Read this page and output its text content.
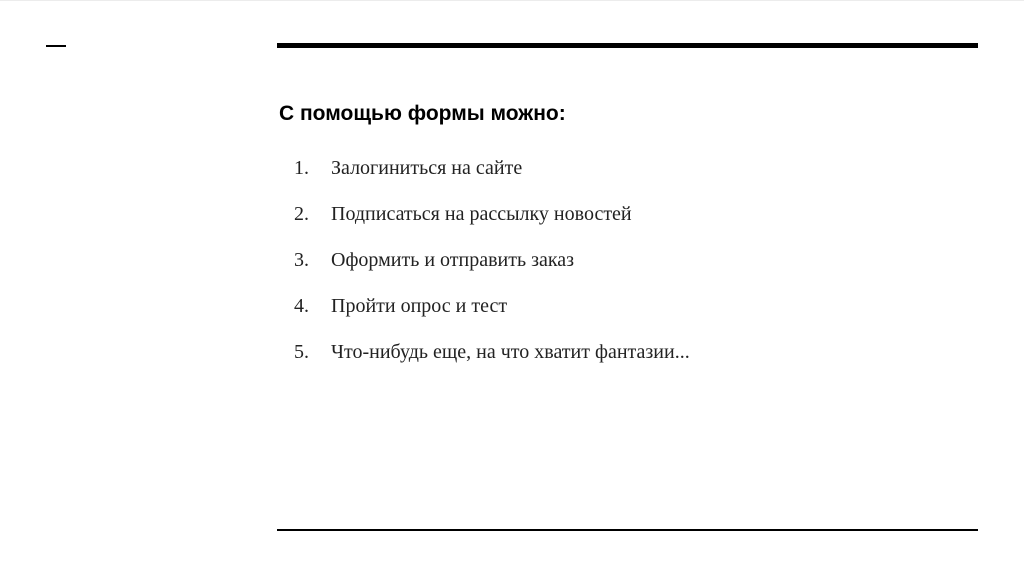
С помощью формы можно:
1.	Залогиниться на сайте
2.	Подписаться на рассылку новостей
3.	Оформить и отправить заказ
4.	Пройти опрос и тест
5.	Что-нибудь еще, на что хватит фантазии...
